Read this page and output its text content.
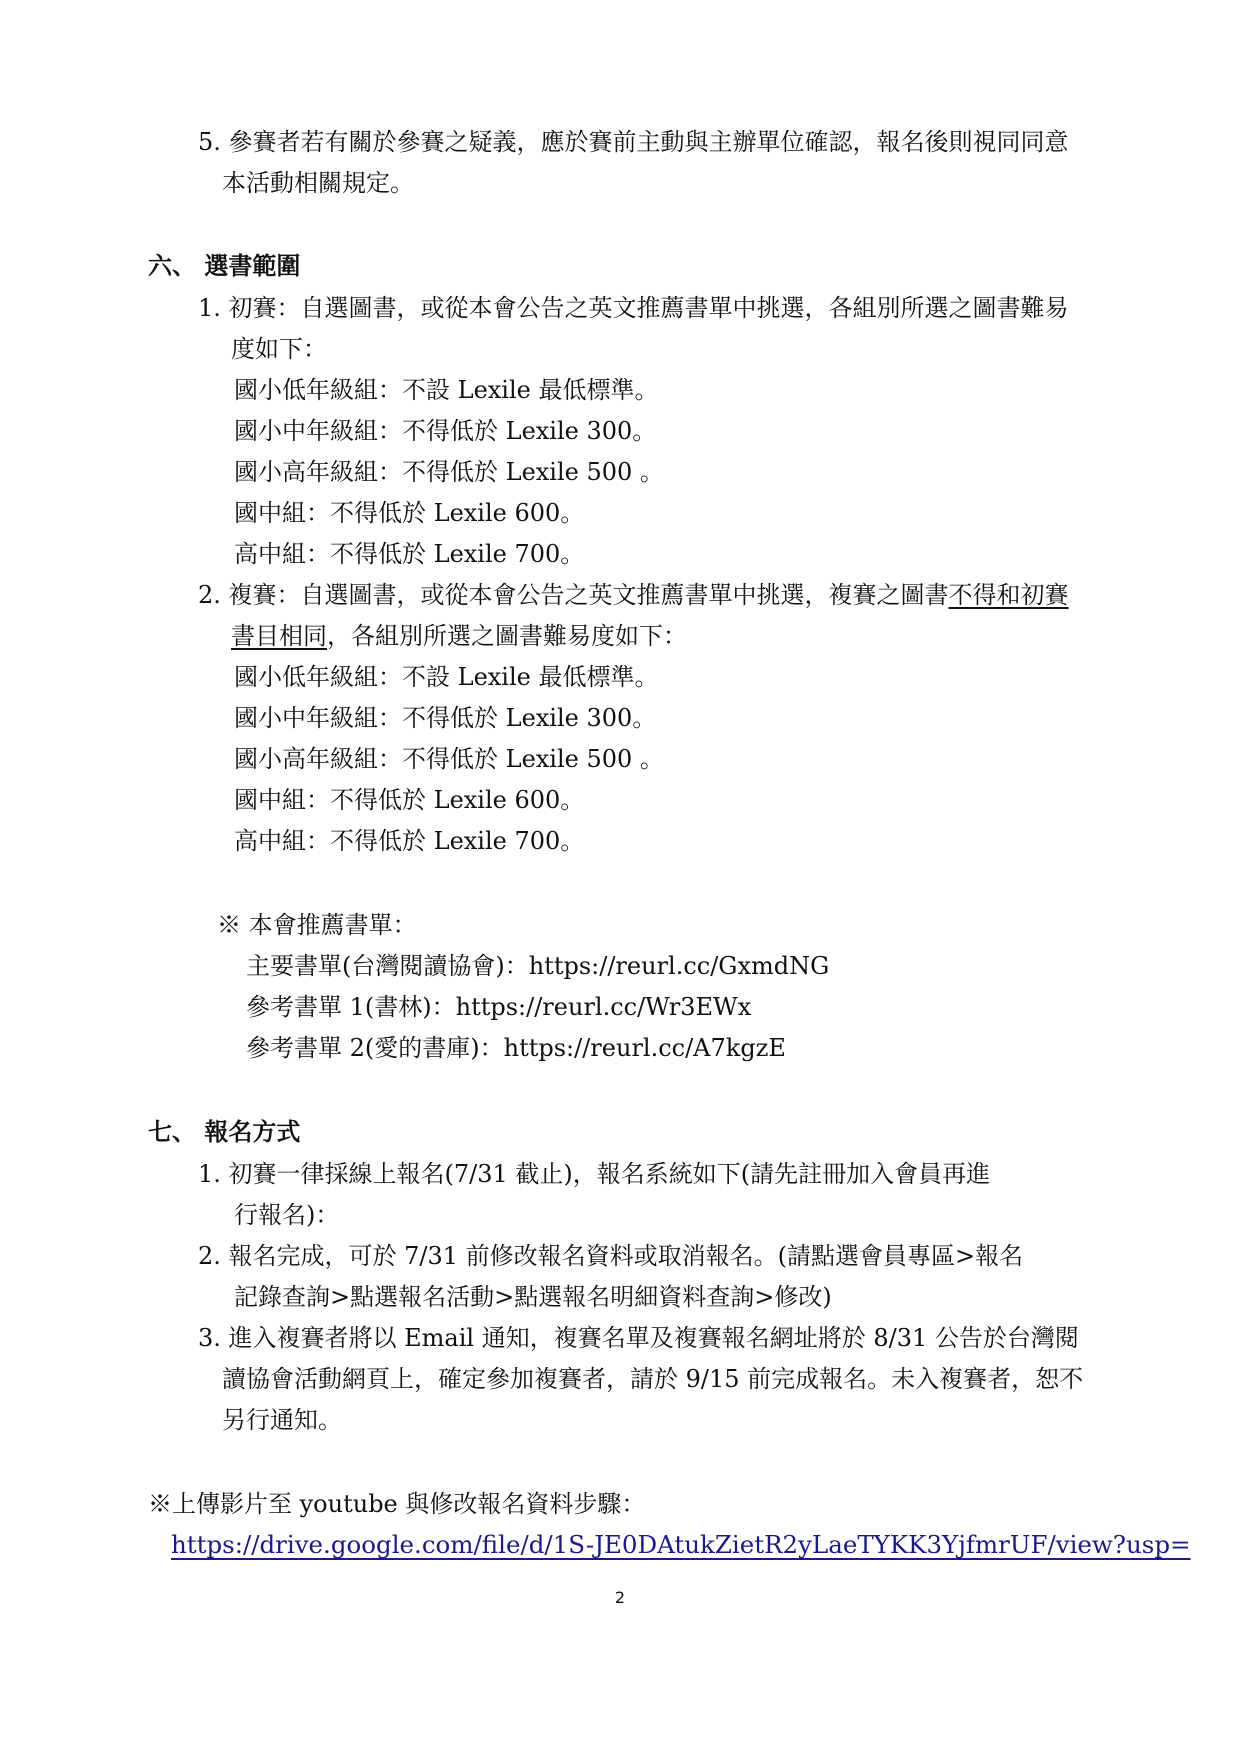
5. 參賽者若有關於參賽之疑義，應於賽前主動與主辦單位確認，報名後則視同同意
本活動相關規定。
六、 選書範圍
1. 初賽：自選圖書，或從本會公告之英文推薦書單中挑選，各組別所選之圖書難易
度如下：
國小低年級組：不設 Lexile 最低標準。
國小中年級組：不得低於 Lexile 300。
國小高年級組：不得低於 Lexile 500 。
國中組：不得低於 Lexile 600。
高中組：不得低於 Lexile 700。
2. 複賽：自選圖書，或從本會公告之英文推薦書單中挑選，複賽之圖書不得和初賽
書目相同，各組別所選之圖書難易度如下：
國小低年級組：不設 Lexile 最低標準。
國小中年級組：不得低於 Lexile 300。
國小高年級組：不得低於 Lexile 500 。
國中組：不得低於 Lexile 600。
高中組：不得低於 Lexile 700。
※ 本會推薦書單：
主要書單(台灣閱讀協會)：https://reurl.cc/GxmdNG
參考書單 1(書林)：https://reurl.cc/Wr3EWx
參考書單 2(愛的書庫)：https://reurl.cc/A7kgzE
七、 報名方式
1. 初賽一律採線上報名(7/31 截止)，報名系統如下(請先註冊加入會員再進
行報名)：
2. 報名完成，可於 7/31 前修改報名資料或取消報名。(請點選會員專區>報名
記錄查詢>點選報名活動>點選報名明細資料查詢>修改)
3. 進入複賽者將以 Email 通知，複賽名單及複賽報名網址將於 8/31 公告於台灣閱
讀協會活動網頁上，確定參加複賽者，請於 9/15 前完成報名。未入複賽者，恕不
另行通知。
※上傳影片至 youtube 與修改報名資料步驟：
https://drive.google.com/file/d/1S-JE0DAtukZietR2yLaeTYKK3YjfmrUF/view?usp=
2
